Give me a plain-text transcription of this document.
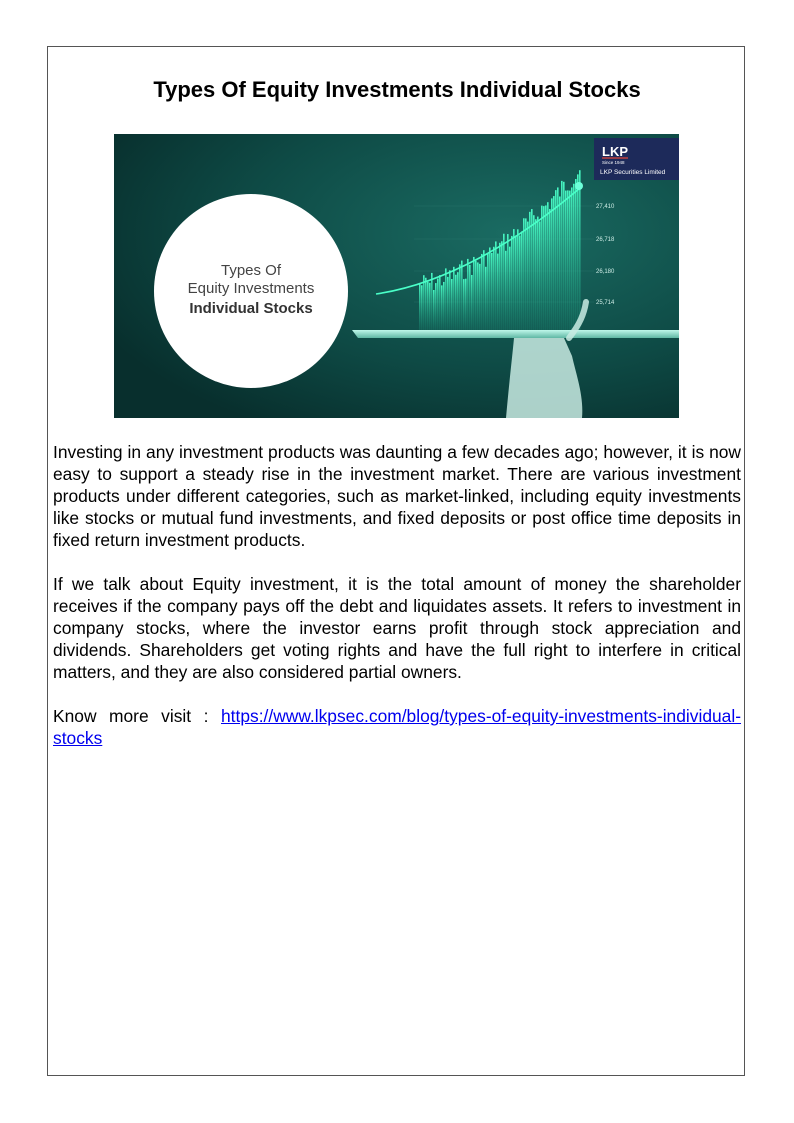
Types Of Equity Investments Individual Stocks
27,410
26,718
26,180
25,714
Types Of
Equity Investments
Individual Stocks
LKP
Since 1948
LKP Securities Limited

Investing in any investment products was daunting a few decades ago; however, it is now easy to support a steady rise in the investment market. There are various investment products under different categories, such as market-linked, including equity investments like stocks or mutual fund investments, and fixed deposits or post office time deposits in fixed return investment products.

If we talk about Equity investment, it is the total amount of money the shareholder receives if the company pays off the debt and liquidates assets. It refers to investment in company stocks, where the investor earns profit through stock appreciation and dividends. Shareholders get voting rights and have the full right to interfere in critical matters, and they are also considered partial owners.

Know more visit : https://www.lkpsec.com/blog/types-of-equity-investments-individual-stocks
